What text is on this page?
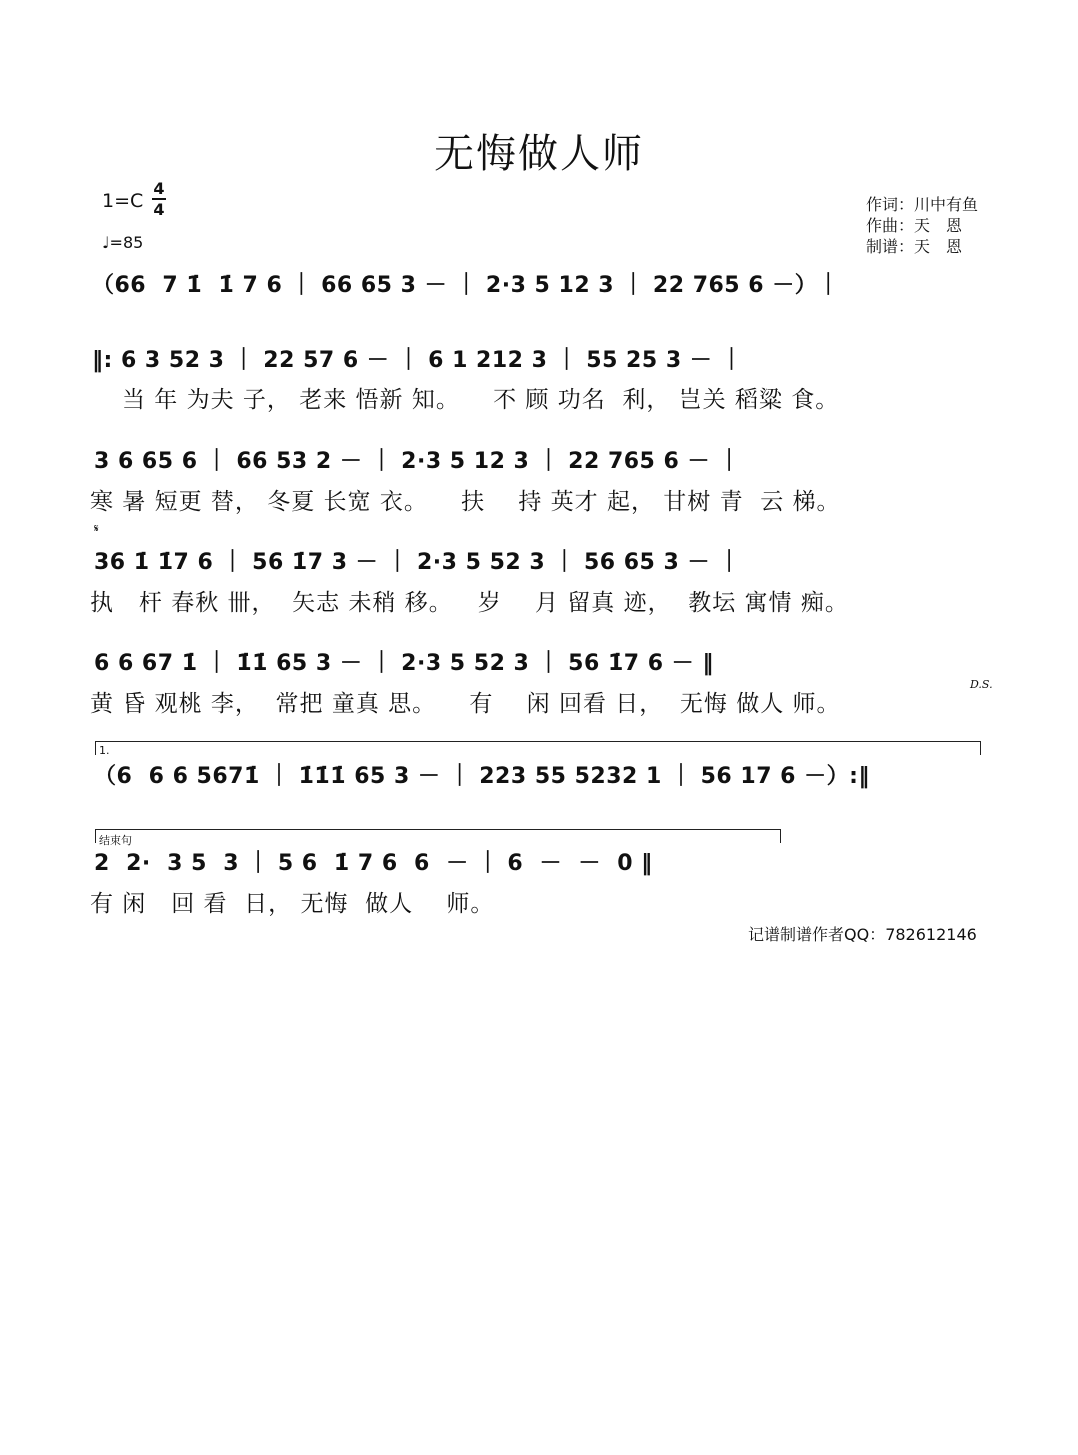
无悔做人师
1=C
4
4
♩=85
作词：川中有鱼
作曲：天　恩
制谱：天　恩
（66  7 1̇  1̇ 7 6 ｜ 66 65 3 － ｜ 2·3 5 12 3 ｜ 22 765 6 －）｜
‖: 6 3 52 3 ｜ 22 57 6 － ｜ 6 1 212 3 ｜ 55 25 3 － ｜
当 年 为夫 子， 老来 悟新 知。    不 顾 功名  利， 岂关 稻粱 食。
3 6 65 6 ｜ 66 53 2 － ｜ 2·3 5 12 3 ｜ 22 765 6 － ｜
寒 暑 短更 替， 冬夏 长宽 衣。    扶    持 英才 起， 甘树 青  云 梯。
𝄋
36 1̇ 1̇7 6 ｜ 56 1̇7 3 － ｜ 2·3 5 52 3 ｜ 56 65 3 － ｜
执   杆 春秋 卌，  矢志 未稍 移。   岁    月 留真 迹，  教坛 寓情 痴。
6 6 67 1̇ ｜ 1̇1̇ 65 3 － ｜ 2·3 5 52 3 ｜ 56 1̇7 6 － ‖
D.S.
黄 昏 观桃 李，  常把 童真 思。    有    闲 回看 日，  无悔 做人 师。
1.
（6  6 6 5671̇ ｜ 1̇1̇1̇ 65 3 － ｜ 223 55 5232 1 ｜ 56 17 6 －）:‖
结束句
2  2·  3 5  3 ｜ 5 6  1̇ 7 6  6  － ｜ 6  －  －  0 ‖
有 闲   回 看  日， 无悔  做人    师。
记谱制谱作者QQ：782612146
